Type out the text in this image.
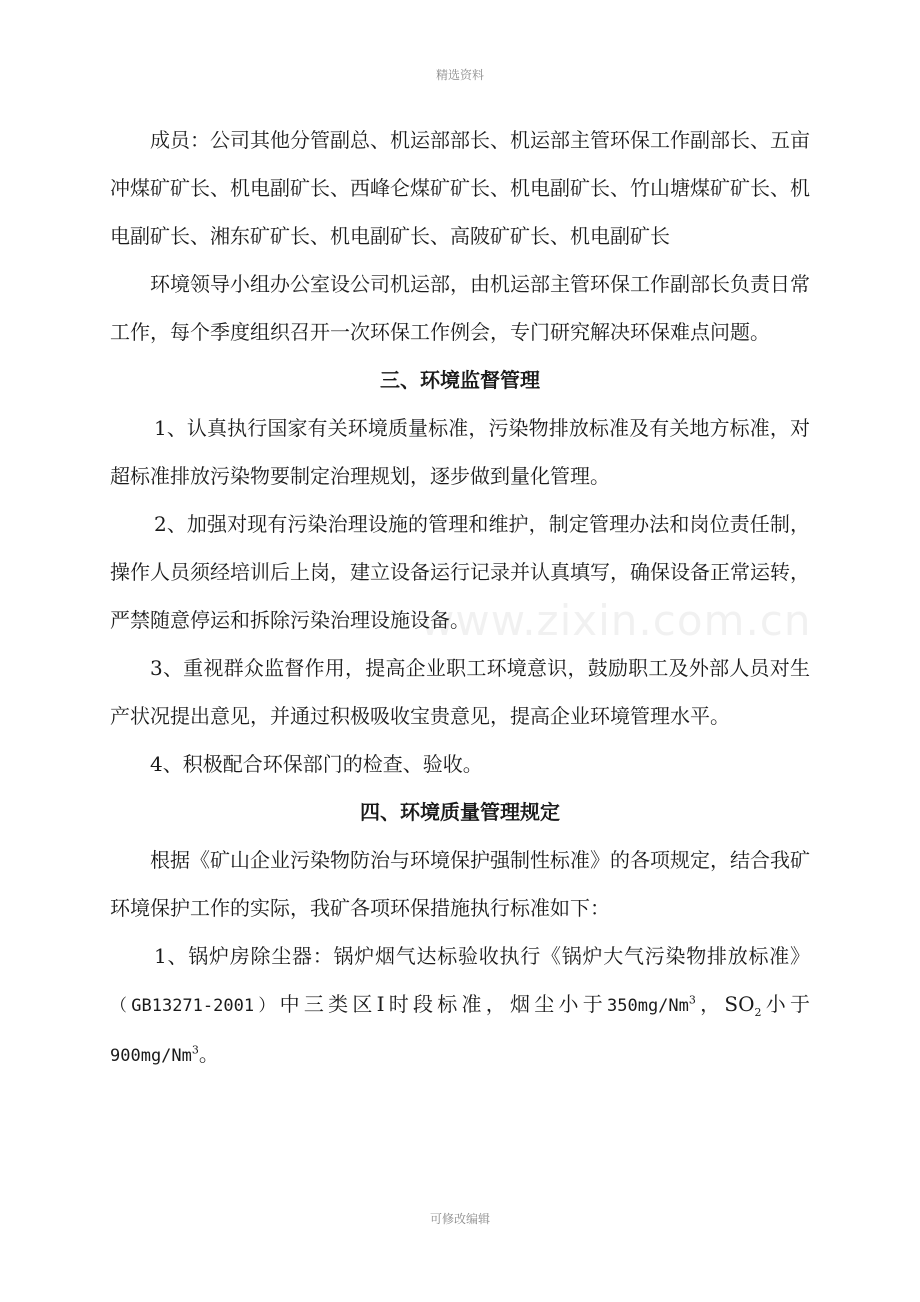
精选资料
www.zixin.com.cn

成员：公司其他分管副总、机运部部长、机运部主管环保工作副部长、五亩冲煤矿矿长、机电副矿长、西峰仑煤矿矿长、机电副矿长、竹山塘煤矿矿长、机电副矿长、湘东矿矿长、机电副矿长、高陂矿矿长、机电副矿长

环境领导小组办公室设公司机运部，由机运部主管环保工作副部长负责日常工作，每个季度组织召开一次环保工作例会，专门研究解决环保难点问题。

三、环境监督管理

1、认真执行国家有关环境质量标准，污染物排放标准及有关地方标准，对超标准排放污染物要制定治理规划，逐步做到量化管理。

2、加强对现有污染治理设施的管理和维护，制定管理办法和岗位责任制，操作人员须经培训后上岗，建立设备运行记录并认真填写，确保设备正常运转，严禁随意停运和拆除污染治理设施设备。

3、重视群众监督作用，提高企业职工环境意识，鼓励职工及外部人员对生产状况提出意见，并通过积极吸收宝贵意见，提高企业环境管理水平。

4、积极配合环保部门的检查、验收。

四、环境质量管理规定

根据《矿山企业污染物防治与环境保护强制性标准》的各项规定，结合我矿环境保护工作的实际，我矿各项环保措施执行标准如下：

1、锅炉房除尘器：锅炉烟气达标验收执行《锅炉大气污染物排放标准》（GB13271-2001）中三类区Ⅰ时段标准，烟尘小于350mg/Nm$^3$，$SO_2$小于900mg/Nm$^3$。

可修改编辑
